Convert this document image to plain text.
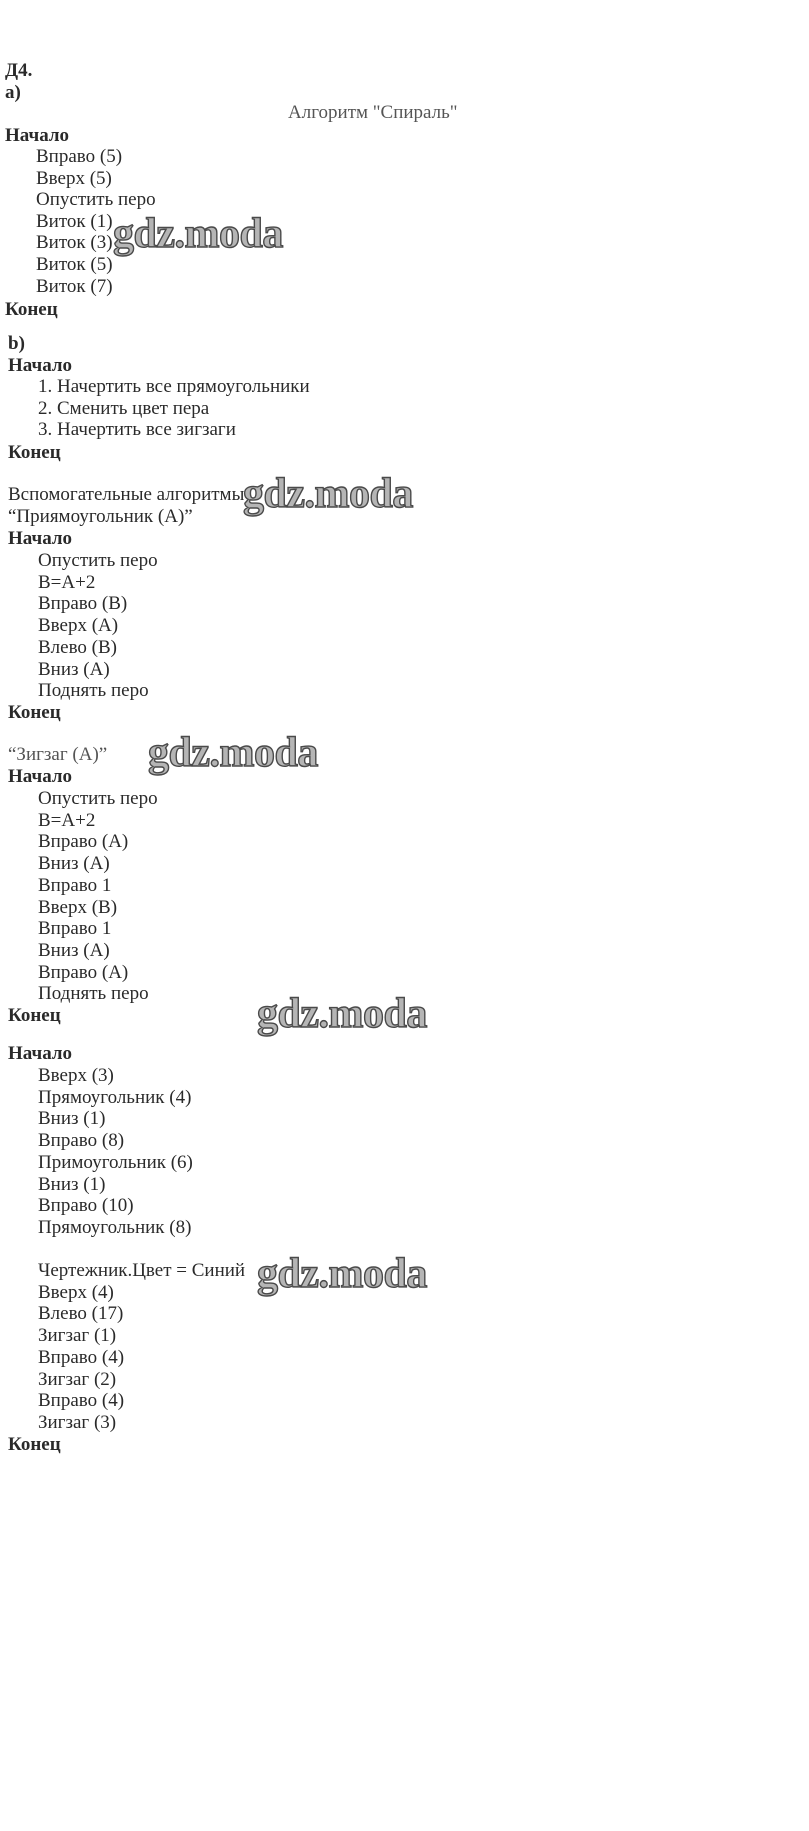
Д4.
а)
Алгоритм "Спираль"
Начало
Вправо (5)
Вверх (5)
Опустить перо
Виток (1)
Виток (3)
Виток (5)
Виток (7)
Конец
b)
Начало
1. Начертить все прямоугольники
2. Сменить цвет пера
3. Начертить все зигзаги
Конец
Вспомогательные алгоритмы
“Приямоугольник (А)”
Начало
Опустить перо
В=А+2
Вправо (В)
Вверх (А)
Влево (В)
Вниз (А)
Поднять перо
Конец
“Зигзаг (А)”
Начало
Опустить перо
В=А+2
Вправо (А)
Вниз (А)
Вправо 1
Вверх (В)
Вправо 1
Вниз (А)
Вправо (А)
Поднять перо
Конец
Начало
Вверх (3)
Прямоугольник (4)
Вниз (1)
Вправо (8)
Примоугольник (6)
Вниз (1)
Вправо (10)
Прямоугольник (8)
Чертежник.Цвет = Синий
Вверх (4)
Влево (17)
Зигзаг (1)
Вправо (4)
Зигзаг (2)
Вправо (4)
Зигзаг (3)
Конец
gdz.moda
gdz.moda
gdz.moda
gdz.moda
gdz.moda
